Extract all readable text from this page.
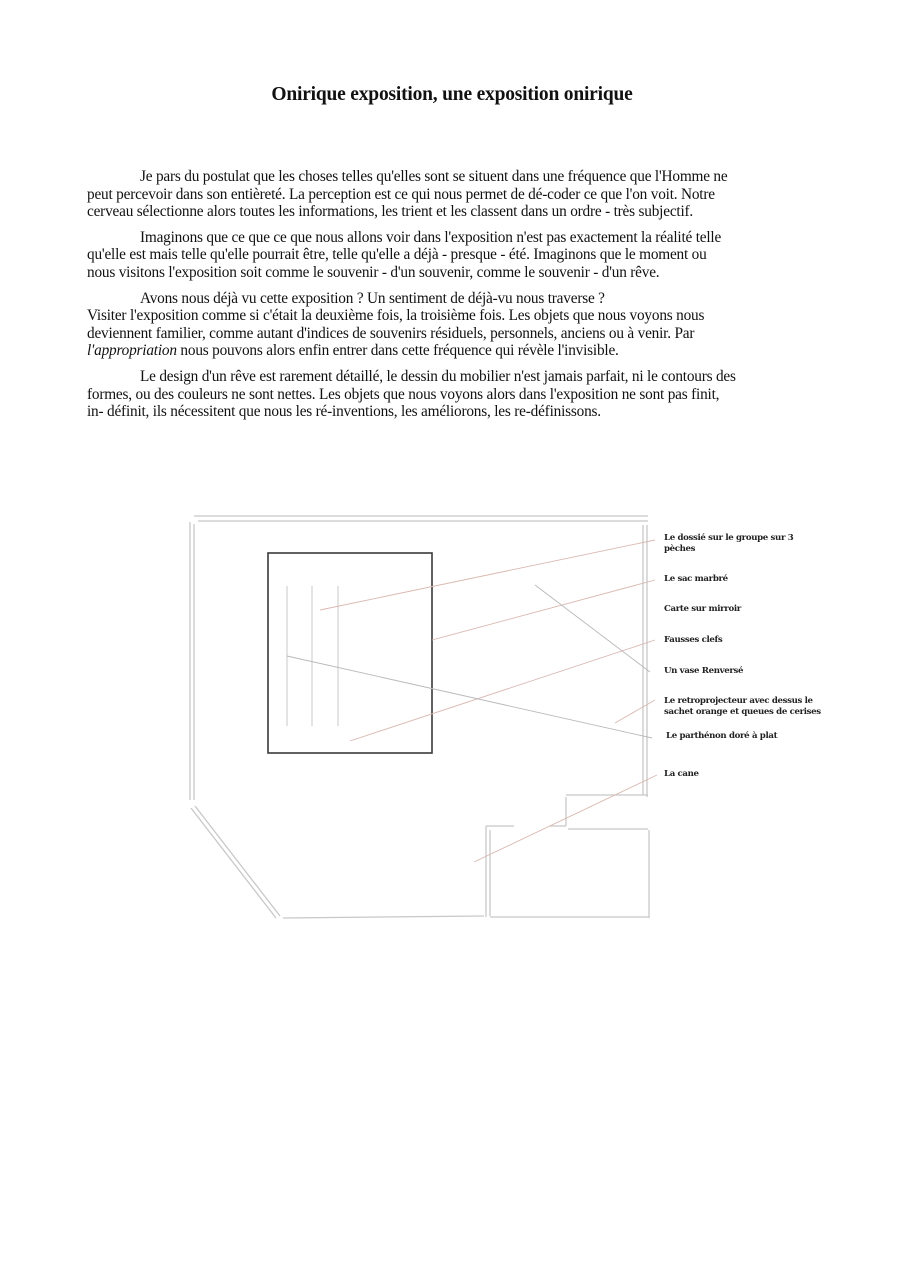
Onirique exposition, une exposition onirique
Je pars du postulat que les choses telles qu'elles sont se situent dans une fréquence que l'Homme ne
peut percevoir dans son entièreté. La perception est ce qui nous permet de dé-coder ce que l'on voit. Notre
cerveau sélectionne alors toutes les informations, les trient et les classent dans un ordre - très subjectif.
Imaginons que ce que ce que nous allons voir dans l'exposition n'est pas exactement la réalité telle
qu'elle est mais telle qu'elle pourrait être, telle qu'elle a déjà - presque - été. Imaginons que le moment ou
nous visitons l'exposition soit comme le souvenir - d'un souvenir, comme le souvenir - d'un rêve.
Avons nous déjà vu cette exposition ? Un sentiment de déjà-vu nous traverse ?
Visiter l'exposition comme si c'était la deuxième fois, la troisième fois. Les objets que nous voyons nous
deviennent familier, comme autant d'indices de souvenirs résiduels, personnels, anciens ou à venir. Par
l'appropriation nous pouvons alors enfin entrer dans cette fréquence qui révèle l'invisible.
Le design d'un rêve est rarement détaillé, le dessin du mobilier n'est jamais parfait, ni le contours des
formes, ou des couleurs ne sont nettes. Les objets que nous voyons alors dans l'exposition ne sont pas finit,
in- définit, ils nécessitent que nous les ré-inventions, les améliorons, les re-définissons.
Le dossié sur le groupe sur 3
pèches
Le sac marbré
Carte sur mirroir
Fausses clefs
Un vase Renversé
Le retroprojecteur avec dessus le
sachet orange et queues de cerises
Le parthénon doré à plat
La cane
